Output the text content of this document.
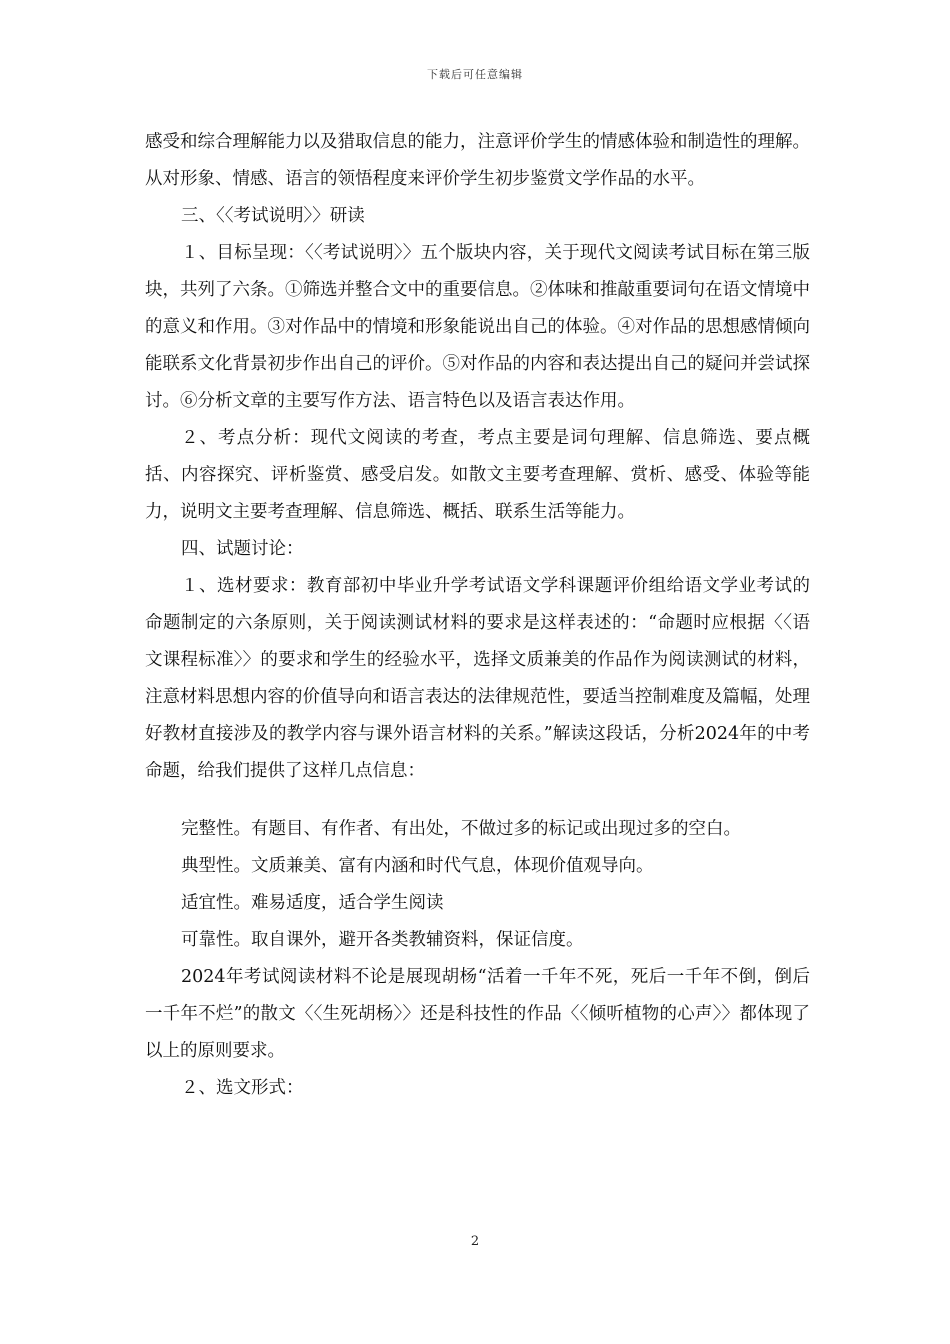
下载后可任意编辑

感受和综合理解能力以及猎取信息的能力，注意评价学生的情感体验和制造性的理解。从对形象、情感、语言的领悟程度来评价学生初步鉴赏文学作品的水平。

三、〈〈考试说明〉〉研读

１、目标呈现：〈〈考试说明〉〉五个版块内容，关于现代文阅读考试目标在第三版块，共列了六条。①筛选并整合文中的重要信息。②体味和推敲重要词句在语文情境中的意义和作用。③对作品中的情境和形象能说出自己的体验。④对作品的思想感情倾向能联系文化背景初步作出自己的评价。⑤对作品的内容和表达提出自己的疑问并尝试探讨。⑥分析文章的主要写作方法、语言特色以及语言表达作用。

２、考点分析：现代文阅读的考查，考点主要是词句理解、信息筛选、要点概括、内容探究、评析鉴赏、感受启发。如散文主要考查理解、赏析、感受、体验等能力，说明文主要考查理解、信息筛选、概括、联系生活等能力。

四、试题讨论：

１、选材要求：教育部初中毕业升学考试语文学科课题评价组给语文学业考试的命题制定的六条原则，关于阅读测试材料的要求是这样表述的：“命题时应根据〈〈语文课程标准〉〉的要求和学生的经验水平，选择文质兼美的作品作为阅读测试的材料，注意材料思想内容的价值导向和语言表达的法律规范性，要适当控制难度及篇幅，处理好教材直接涉及的教学内容与课外语言材料的关系。”解读这段话，分析2024年的中考命题，给我们提供了这样几点信息：

完整性。有题目、有作者、有出处，不做过多的标记或出现过多的空白。

典型性。文质兼美、富有内涵和时代气息，体现价值观导向。

适宜性。难易适度，适合学生阅读

可靠性。取自课外，避开各类教辅资料，保证信度。

2024年考试阅读材料不论是展现胡杨“活着一千年不死，死后一千年不倒，倒后一千年不烂”的散文〈〈生死胡杨〉〉还是科技性的作品〈〈倾听植物的心声〉〉都体现了以上的原则要求。

２、选文形式：

2
